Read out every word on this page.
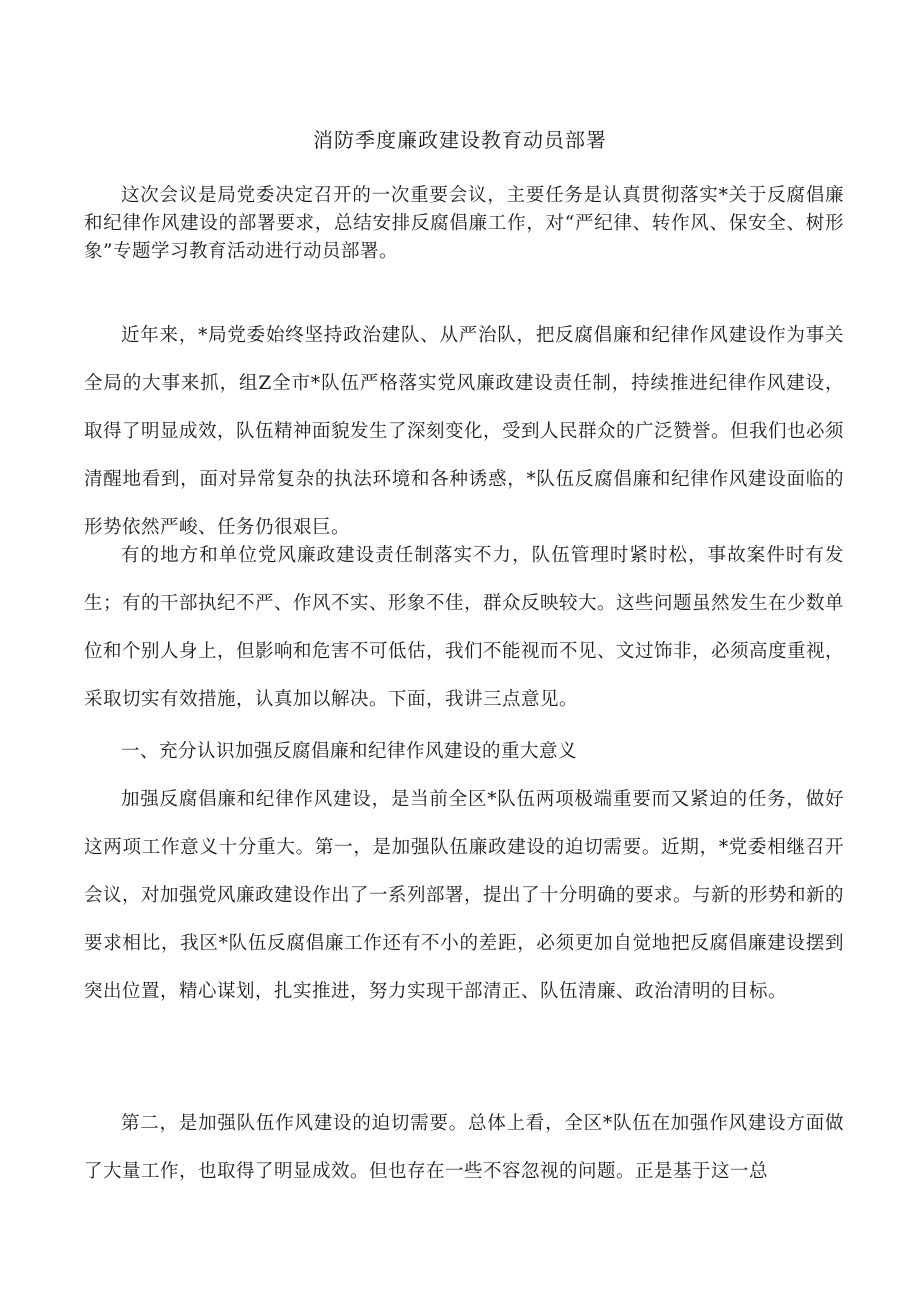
消防季度廉政建设教育动员部署

这次会议是局党委决定召开的一次重要会议，主要任务是认真贯彻落实*关于反腐倡廉和纪律作风建设的部署要求，总结安排反腐倡廉工作，对“严纪律、转作风、保安全、树形象”专题学习教育活动进行动员部署。

近年来，*局党委始终坚持政治建队、从严治队，把反腐倡廉和纪律作风建设作为事关全局的大事来抓，组Z全市*队伍严格落实党风廉政建设责任制，持续推进纪律作风建设，取得了明显成效，队伍精神面貌发生了深刻变化，受到人民群众的广泛赞誉。但我们也必须清醒地看到，面对异常复杂的执法环境和各种诱惑，*队伍反腐倡廉和纪律作风建设面临的形势依然严峻、任务仍很艰巨。

有的地方和单位党风廉政建设责任制落实不力，队伍管理时紧时松，事故案件时有发生；有的干部执纪不严、作风不实、形象不佳，群众反映较大。这些问题虽然发生在少数单位和个别人身上，但影响和危害不可低估，我们不能视而不见、文过饰非，必须高度重视，采取切实有效措施，认真加以解决。下面，我讲三点意见。

一、充分认识加强反腐倡廉和纪律作风建设的重大意义

加强反腐倡廉和纪律作风建设，是当前全区*队伍两项极端重要而又紧迫的任务，做好这两项工作意义十分重大。第一，是加强队伍廉政建设的迫切需要。近期，*党委相继召开会议，对加强党风廉政建设作出了一系列部署，提出了十分明确的要求。与新的形势和新的要求相比，我区*队伍反腐倡廉工作还有不小的差距，必须更加自觉地把反腐倡廉建设摆到突出位置，精心谋划，扎实推进，努力实现干部清正、队伍清廉、政治清明的目标。

第二，是加强队伍作风建设的迫切需要。总体上看，全区*队伍在加强作风建设方面做了大量工作，也取得了明显成效。但也存在一些不容忽视的问题。正是基于这一总
